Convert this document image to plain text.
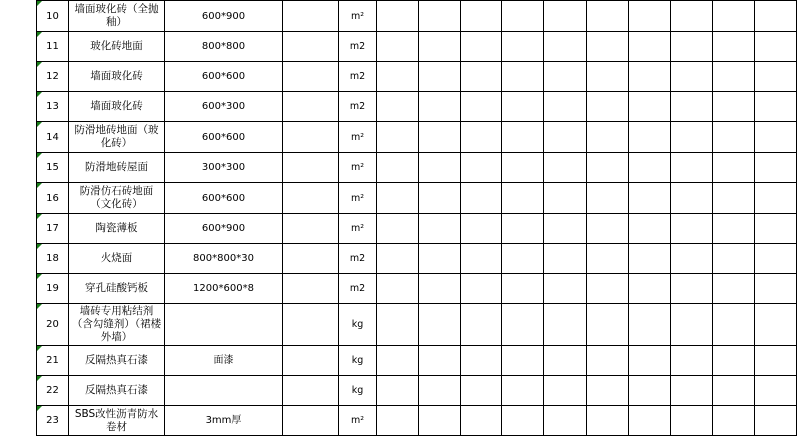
10	墙面玻化砖（全抛釉）	600*900		m²										

11	玻化砖地面	800*800		m2										

12	墙面玻化砖	600*600		m2										

13	墙面玻化砖	600*300		m2										

14	防滑地砖地面（玻化砖）	600*600		m²										

15	防滑地砖屋面	300*300		m²										

16	防滑仿石砖地面（文化砖）	600*600		m²										

17	陶瓷薄板	600*900		m²										

18	火烧面	800*800*30		m2										

19	穿孔硅酸钙板	1200*600*8		m2										

20	墙砖专用粘结剂（含勾缝剂）（裙楼外墙）			kg										

21	反隔热真石漆	面漆		kg										

22	反隔热真石漆			kg										

23	SBS改性沥青防水卷材	3mm厚		m²										
